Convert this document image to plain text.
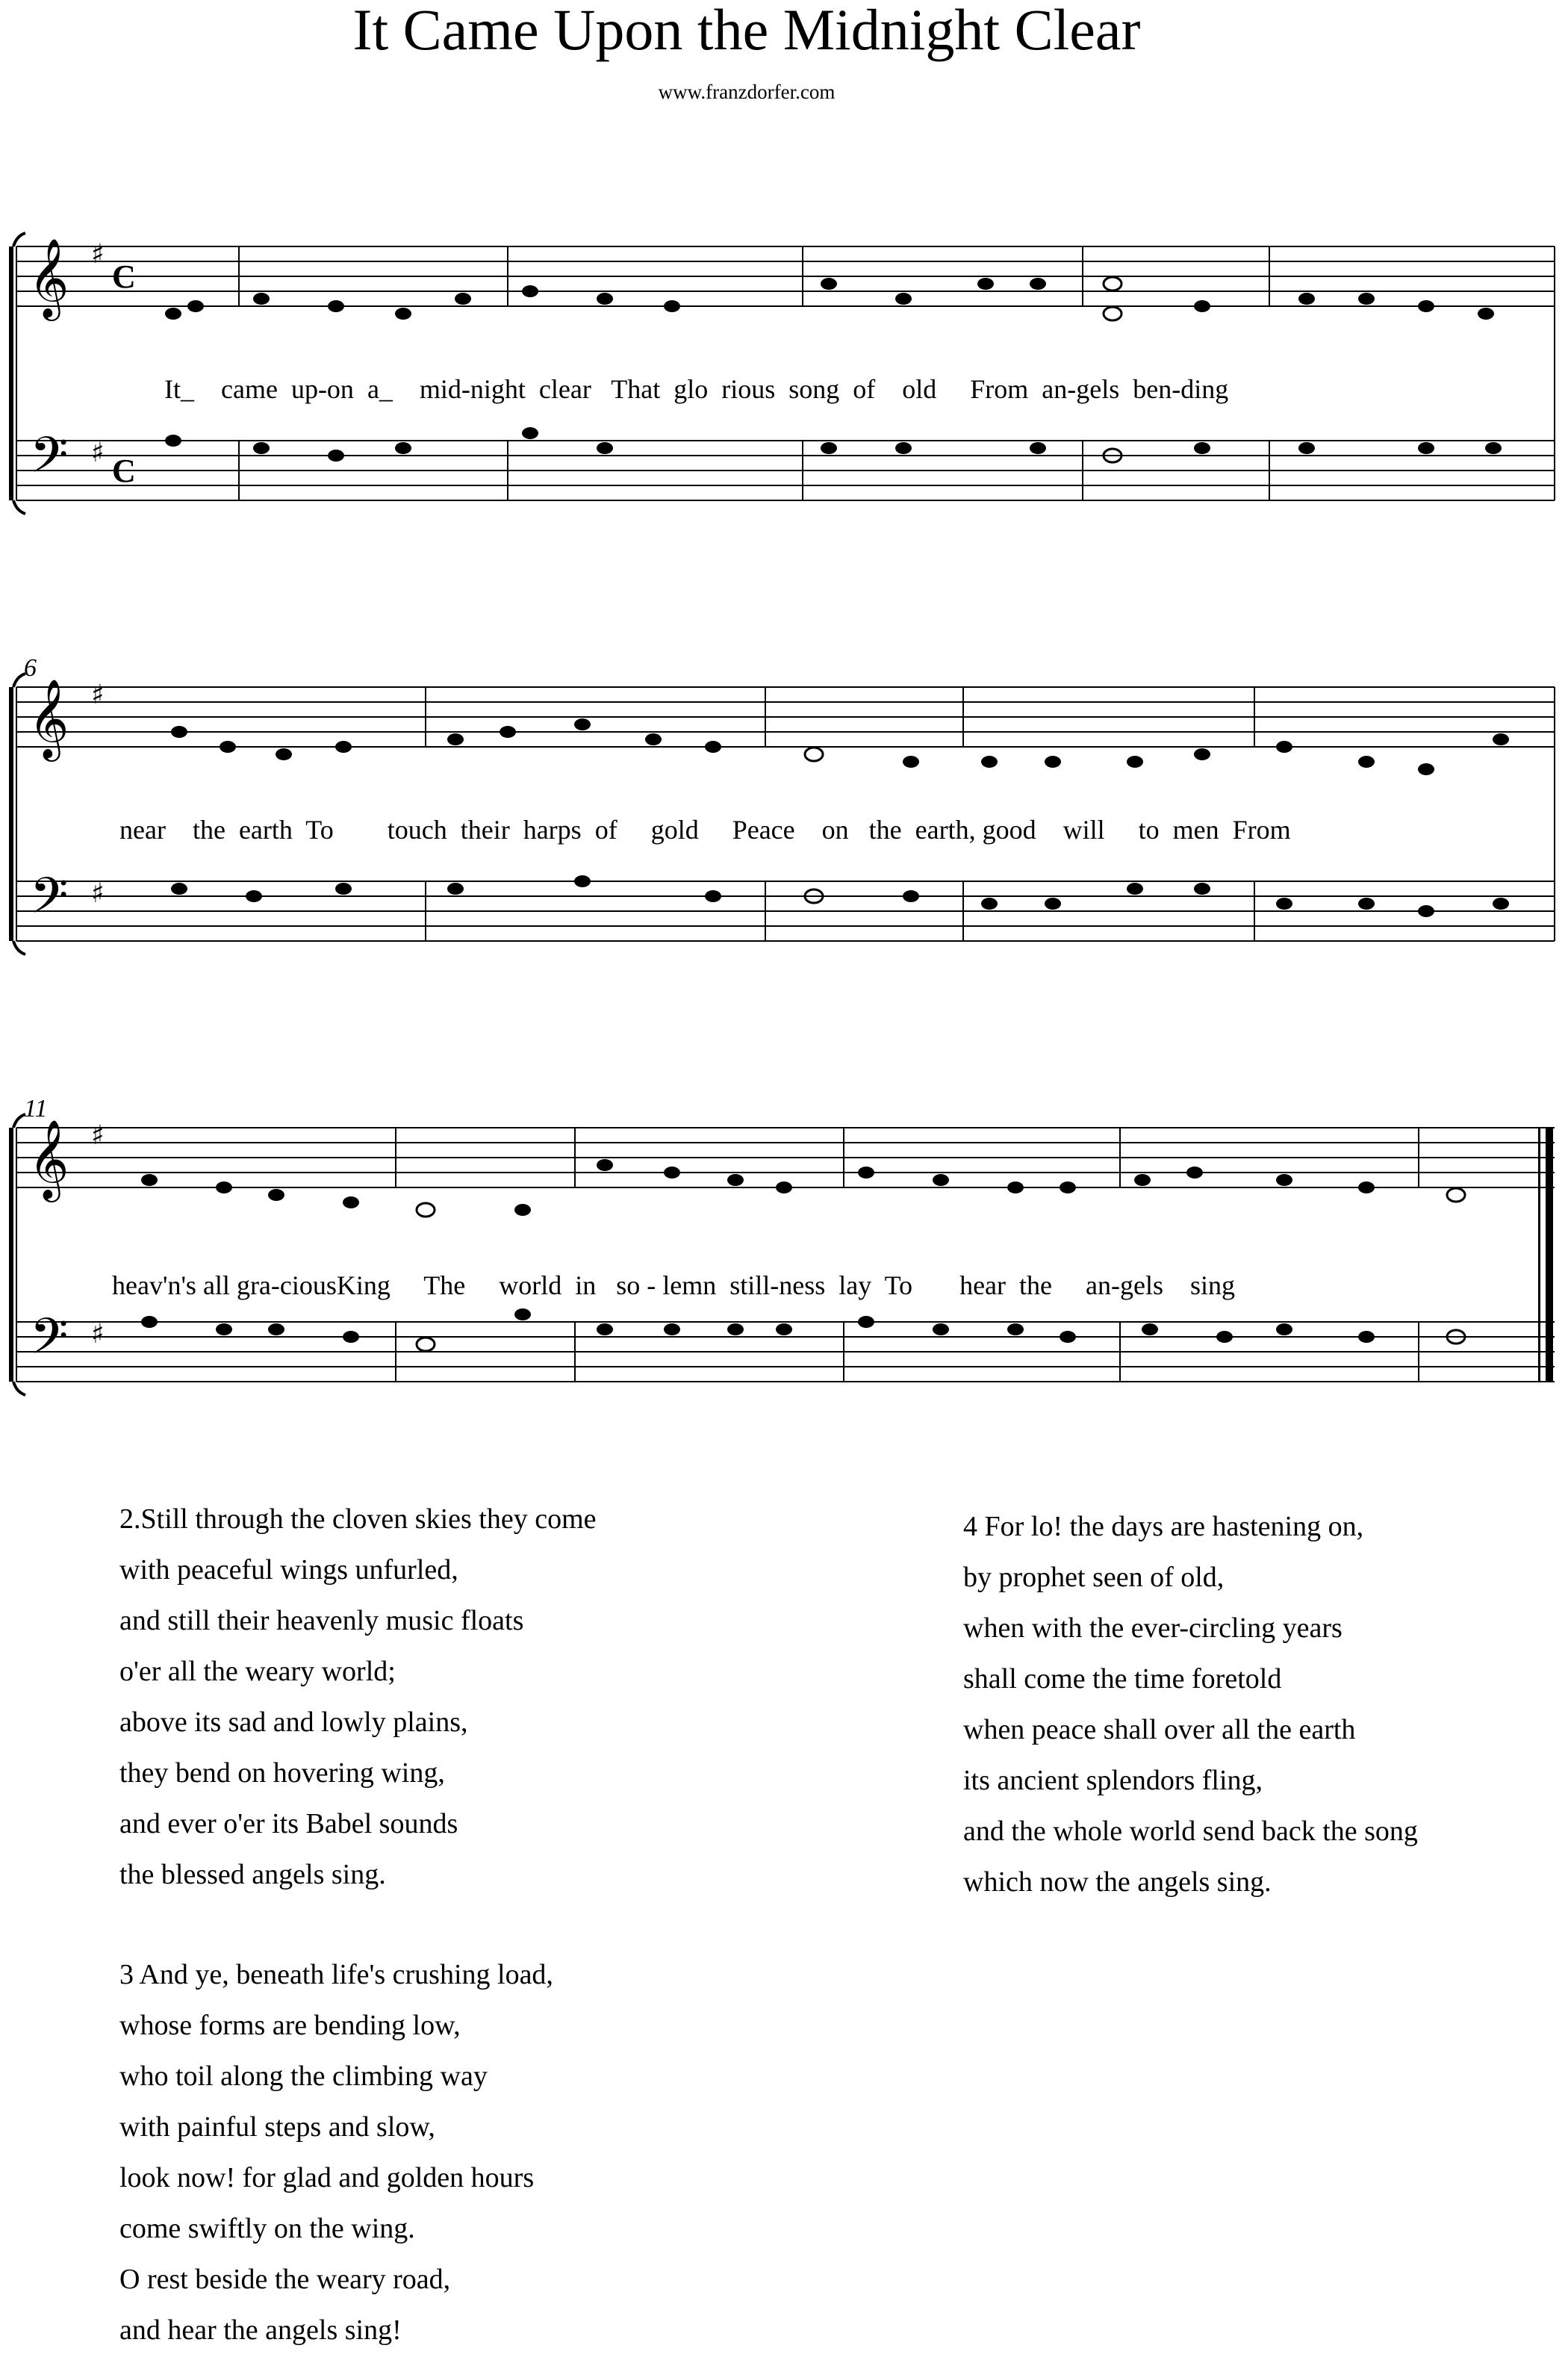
It Came Upon the Midnight Clear
www.franzdorfer.com
𝄞
𝄢
♯
♯
C
C
It_ came up-on a_ mid-night clear That glo rious song of old From an-gels ben-ding
6
𝄞
𝄢
♯
♯
near the earth To touch their harps of gold Peace on the earth, good will to men From
11
𝄞
𝄢
♯
♯
heav'n's all gra-ciousKing The world in so - lemn still-ness lay To hear the an-gels sing
2.Still through the cloven skies they come
with peaceful wings unfurled,
and still their heavenly music floats
o'er all the weary world;
above its sad and lowly plains,
they bend on hovering wing,
and ever o'er its Babel sounds
the blessed angels sing.
3 And ye, beneath life's crushing load,
whose forms are bending low,
who toil along the climbing way
with painful steps and slow,
look now! for glad and golden hours
come swiftly on the wing.
O rest beside the weary road,
and hear the angels sing!
4 For lo! the days are hastening on,
by prophet seen of old,
when with the ever-circling years
shall come the time foretold
when peace shall over all the earth
its ancient splendors fling,
and the whole world send back the song
which now the angels sing.
